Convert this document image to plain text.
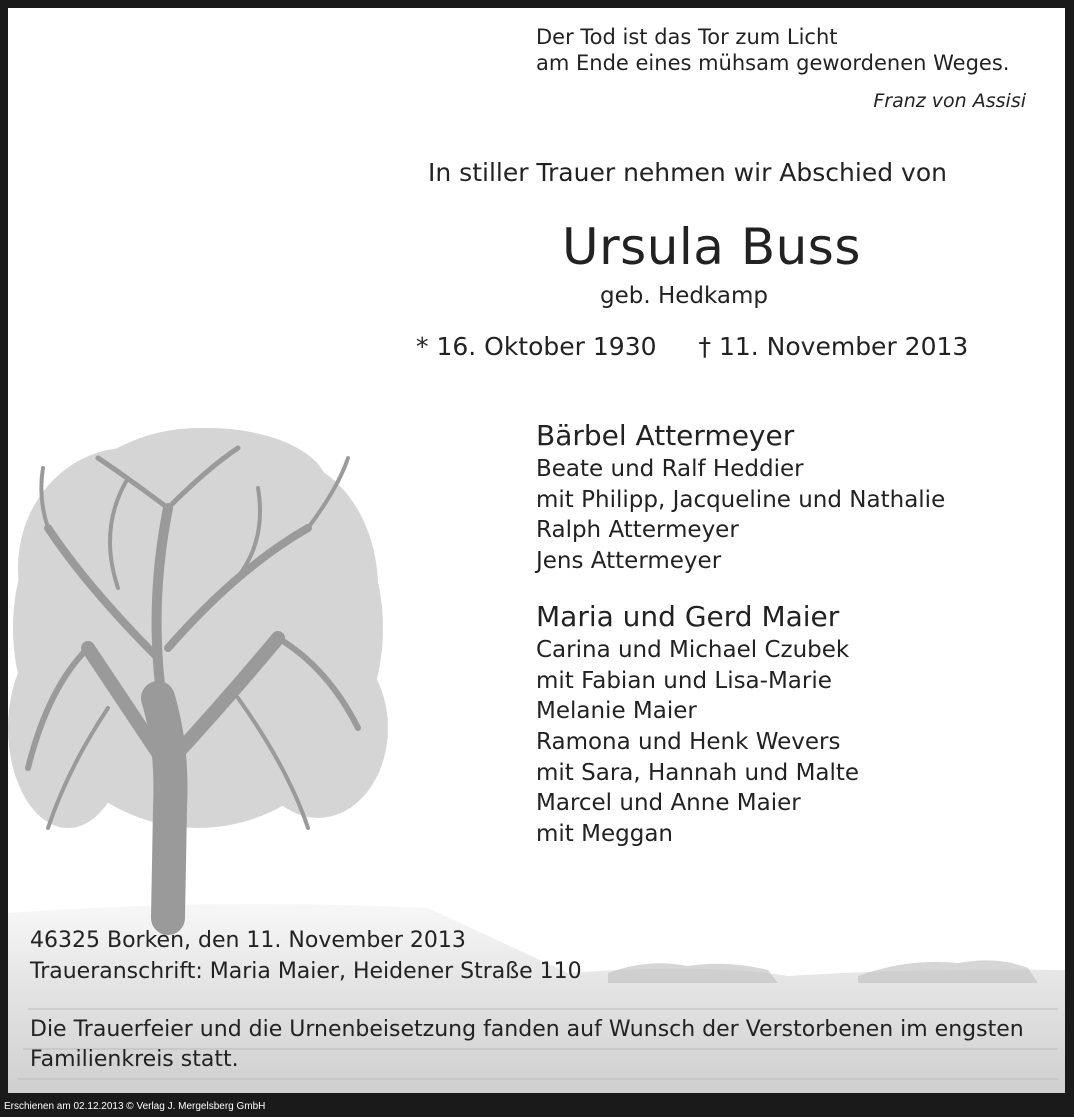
Erschienen am 02.12.2013 © Verlag J. Mergelsberg GmbH
Der Tod ist das Tor zum Licht
am Ende eines mühsam gewordenen Weges.
Franz von Assisi
In stiller Trauer nehmen wir Abschied von
Ursula Buss
geb. Hedkamp
* 16. Oktober 1930 † 11. November 2013

Bärbel Attermeyer

Beate und Ralf Heddier

mit Philipp, Jacqueline und Nathalie

Ralph Attermeyer

Jens Attermeyer

Maria und Gerd Maier

Carina und Michael Czubek

mit Fabian und Lisa-Marie

Melanie Maier

Ramona und Henk Wevers

mit Sara, Hannah und Malte

Marcel und Anne Maier

mit Meggan

46325 Borken, den 11. November 2013
Traueranschrift: Maria Maier, Heidener Straße 110
Die Trauerfeier und die Urnenbeisetzung fanden auf Wunsch der Verstorbenen im engsten Familienkreis statt.
